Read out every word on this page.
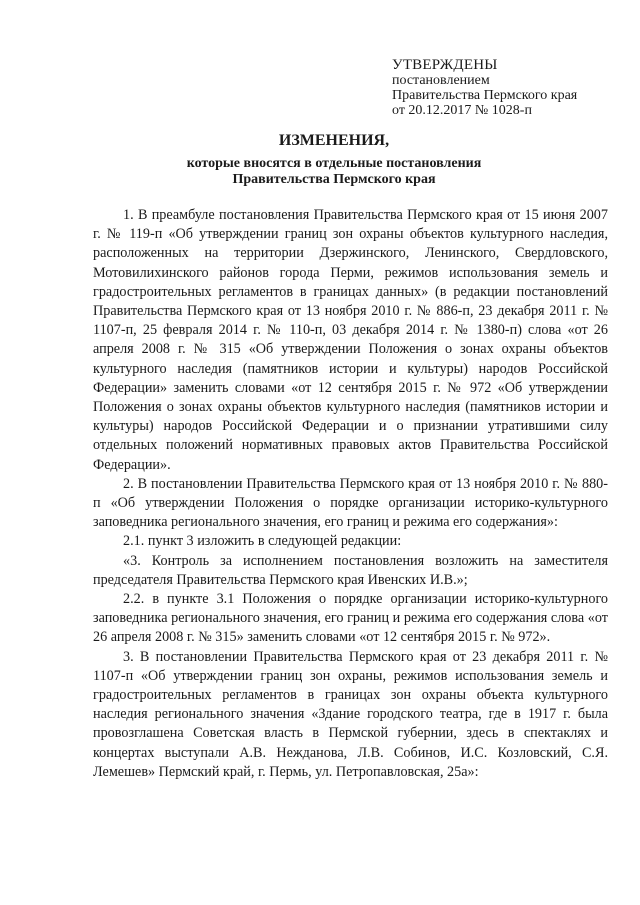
УТВЕРЖДЕНЫ
постановлением
Правительства Пермского края
от 20.12.2017 № 1028-п
ИЗМЕНЕНИЯ,
которые вносятся в отдельные постановления
Правительства Пермского края

1. В преамбуле постановления Правительства Пермского края от 15 июня 2007 г. № 119-п «Об утверждении границ зон охраны объектов культурного наследия, расположенных на территории Дзержинского, Ленинского, Свердловского, Мотовилихинского районов города Перми, режимов использования земель и градостроительных регламентов в границах данных» (в редакции постановлений Правительства Пермского края от 13 ноября 2010 г. № 886-п, 23 декабря 2011 г. № 1107-п, 25 февраля 2014 г. № 110-п, 03 декабря 2014 г. № 1380-п) слова «от 26 апреля 2008 г. № 315 «Об утверждении Положения о зонах охраны объектов культурного наследия (памятников истории и культуры) народов Российской Федерации» заменить словами «от 12 сентября 2015 г. № 972 «Об утверждении Положения о зонах охраны объектов культурного наследия (памятников истории и культуры) народов Российской Федерации и о признании утратившими силу отдельных положений нормативных правовых актов Правительства Российской Федерации».

2. В постановлении Правительства Пермского края от 13 ноября 2010 г. № 880-п «Об утверждении Положения о порядке организации историко-культурного заповедника регионального значения, его границ и режима его содержания»:

2.1. пункт 3 изложить в следующей редакции:

«3. Контроль за исполнением постановления возложить на заместителя председателя Правительства Пермского края Ивенских И.В.»;

2.2. в пункте 3.1 Положения о порядке организации историко-культурного заповедника регионального значения, его границ и режима его содержания слова «от 26 апреля 2008 г. № 315» заменить словами «от 12 сентября 2015 г. № 972».

3. В постановлении Правительства Пермского края от 23 декабря 2011 г. № 1107-п «Об утверждении границ зон охраны, режимов использования земель и градостроительных регламентов в границах зон охраны объекта культурного наследия регионального значения «Здание городского театра, где в 1917 г. была провозглашена Советская власть в Пермской губернии, здесь в спектаклях и концертах выступали А.В. Нежданова, Л.В. Собинов, И.С. Козловский, С.Я. Лемешев» Пермский край, г. Пермь, ул. Петропавловская, 25а»:
